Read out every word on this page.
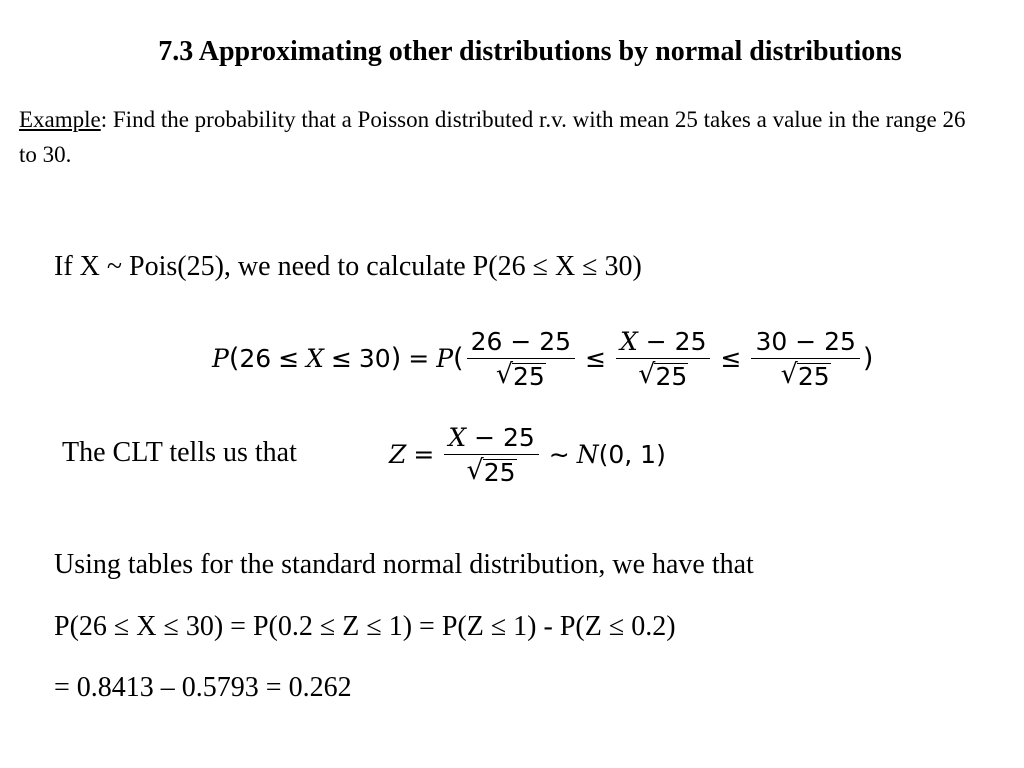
7.3 Approximating other distributions by normal distributions
Example: Find the probability that a Poisson distributed r.v. with mean 25 takes a value in the range 26 to 30.
If X ~ Pois(25), we need to calculate P(26 ≤ X ≤ 30)
P ( 26 ≤ X ≤ 30 ) = P ( $\frac{26 - 25}{√ 25} \le \frac{X - 25}{√ 25} \le \frac{30 - 25}{√ 25}$ )
The CLT tells us that	$Z = \frac{X - 25}{√ 25}$ ∼ N (0, 1)
Using tables for the standard normal distribution, we have that
P(26 ≤ X ≤ 30) = P(0.2 ≤ Z ≤ 1) = P(Z ≤ 1) - P(Z ≤ 0.2)
= 0.8413 – 0.5793 = 0.262
